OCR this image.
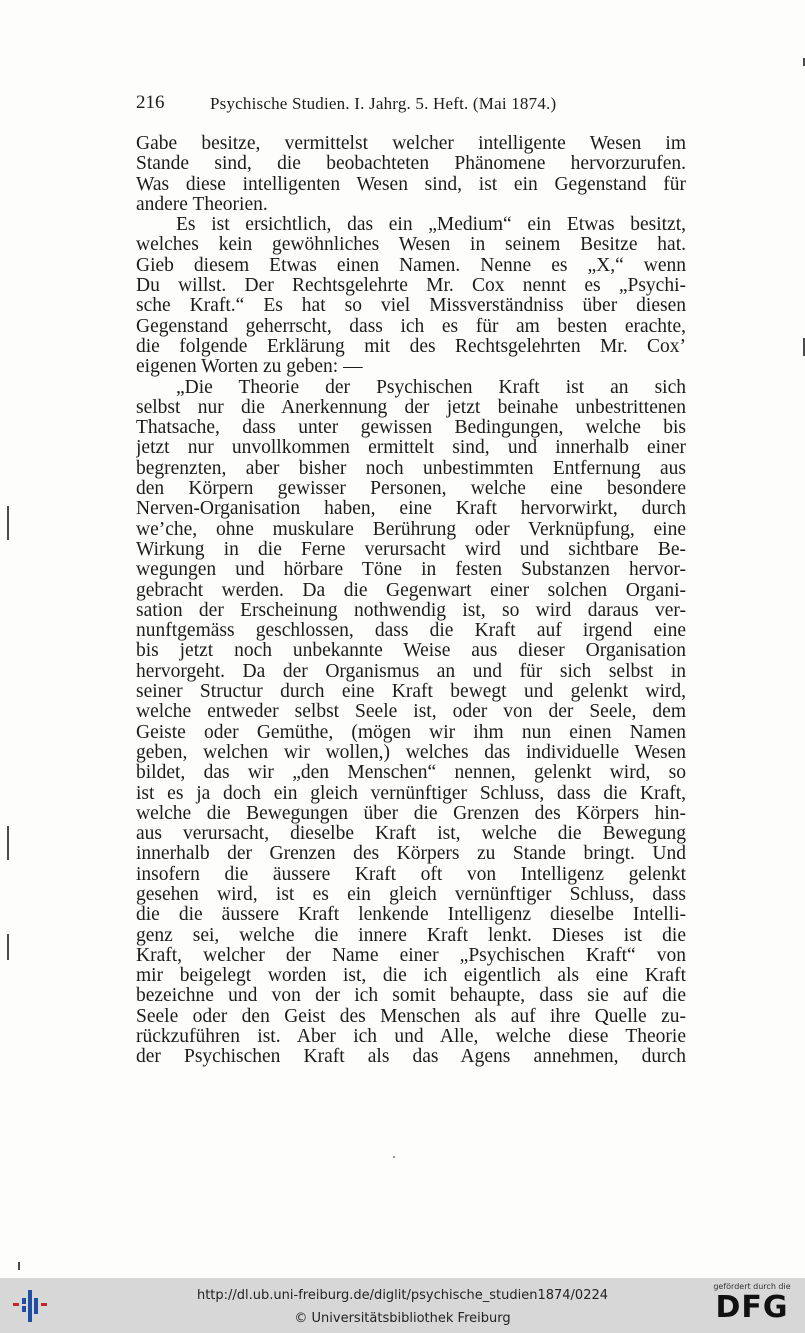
216	Psychische Studien. I. Jahrg. 5. Heft. (Mai 1874.)
Gabe besitze, vermittelst welcher intelligente Wesen im
Stande sind, die beobachteten Phänomene hervorzurufen.
Was diese intelligenten Wesen sind, ist ein Gegenstand für
andere Theorien.
Es ist ersichtlich, das ein „Medium“ ein Etwas besitzt,
welches kein gewöhnliches Wesen in seinem Besitze hat.
Gieb diesem Etwas einen Namen. Nenne es „X,“ wenn
Du willst. Der Rechtsgelehrte Mr. Cox nennt es „Psychi-
sche Kraft.“ Es hat so viel Missverständniss über diesen
Gegenstand geherrscht, dass ich es für am besten erachte,
die folgende Erklärung mit des Rechtsgelehrten Mr. Cox’
eigenen Worten zu geben: —
„Die Theorie der Psychischen Kraft ist an sich
selbst nur die Anerkennung der jetzt beinahe unbestrittenen
Thatsache, dass unter gewissen Bedingungen, welche bis
jetzt nur unvollkommen ermittelt sind, und innerhalb einer
begrenzten, aber bisher noch unbestimmten Entfernung aus
den Körpern gewisser Personen, welche eine besondere
Nerven-Organisation haben, eine Kraft hervorwirkt, durch
we’che, ohne muskulare Berührung oder Verknüpfung, eine
Wirkung in die Ferne verursacht wird und sichtbare Be-
wegungen und hörbare Töne in festen Substanzen hervor-
gebracht werden. Da die Gegenwart einer solchen Organi-
sation der Erscheinung nothwendig ist, so wird daraus ver-
nunftgemäss geschlossen, dass die Kraft auf irgend eine
bis jetzt noch unbekannte Weise aus dieser Organisation
hervorgeht. Da der Organismus an und für sich selbst in
seiner Structur durch eine Kraft bewegt und gelenkt wird,
welche entweder selbst Seele ist, oder von der Seele, dem
Geiste oder Gemüthe, (mögen wir ihm nun einen Namen
geben, welchen wir wollen,) welches das individuelle Wesen
bildet, das wir „den Menschen“ nennen, gelenkt wird, so
ist es ja doch ein gleich vernünftiger Schluss, dass die Kraft,
welche die Bewegungen über die Grenzen des Körpers hin-
aus verursacht, dieselbe Kraft ist, welche die Bewegung
innerhalb der Grenzen des Körpers zu Stande bringt. Und
insofern die äussere Kraft oft von Intelligenz gelenkt
gesehen wird, ist es ein gleich vernünftiger Schluss, dass
die die äussere Kraft lenkende Intelligenz dieselbe Intelli-
genz sei, welche die innere Kraft lenkt. Dieses ist die
Kraft, welcher der Name einer „Psychischen Kraft“ von
mir beigelegt worden ist, die ich eigentlich als eine Kraft
bezeichne und von der ich somit behaupte, dass sie auf die
Seele oder den Geist des Menschen als auf ihre Quelle zu-
rückzuführen ist. Aber ich und Alle, welche diese Theorie
der Psychischen Kraft als das Agens annehmen, durch
http://dl.ub.uni-freiburg.de/diglit/psychische_studien1874/0224
© Universitätsbibliothek Freiburg
gefördert durch die
DFG
